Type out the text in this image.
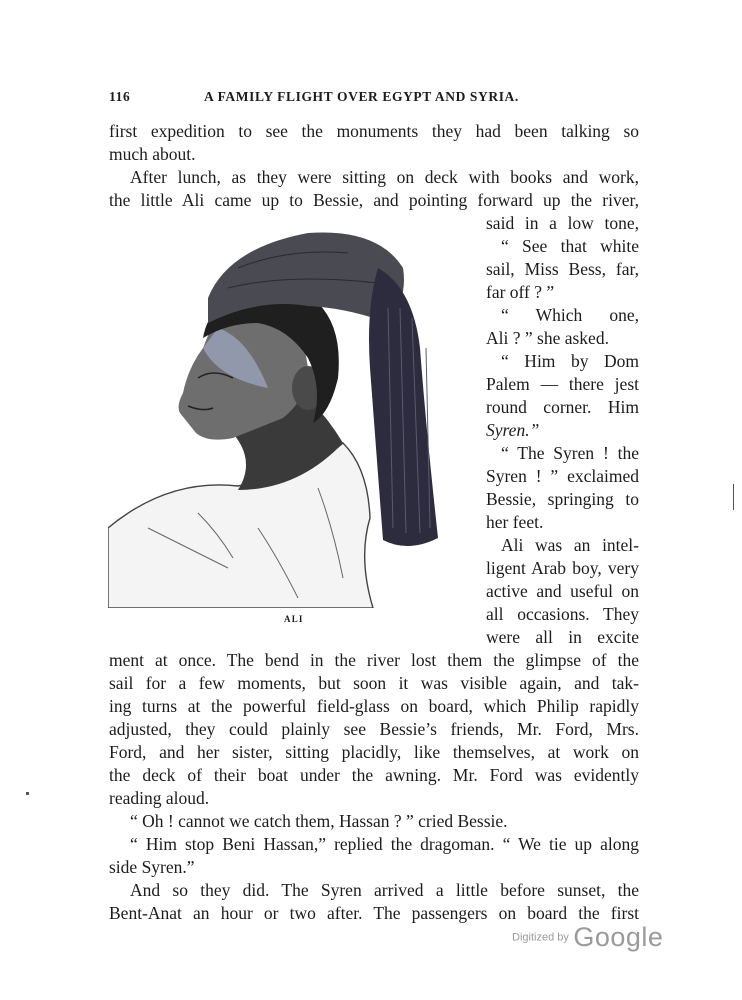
116	A FAMILY FLIGHT OVER EGYPT AND SYRIA.
first expedition to see the monuments they had been talking so
much about.
After lunch, as they were sitting on deck with books and work,
the little Ali came up to Bessie, and pointing forward up the river,
said in a low tone,
“ See that white
sail, Miss Bess, far,
far off ? ”
“ Which one,
Ali ? ” she asked.
“ Him by Dom
Palem — there jest
round corner. Him
Syren.”
“ The Syren ! the
Syren ! ” exclaimed
Bessie, springing to
her feet.
Ali was an intel-
ligent Arab boy, very
active and useful on
all occasions. They
were all in excite
ALI
ment at once. The bend in the river lost them the glimpse of the
sail for a few moments, but soon it was visible again, and tak-
ing turns at the powerful field-glass on board, which Philip rapidly
adjusted, they could plainly see Bessie’s friends, Mr. Ford, Mrs.
Ford, and her sister, sitting placidly, like themselves, at work on
the deck of their boat under the awning. Mr. Ford was evidently
reading aloud.
“ Oh ! cannot we catch them, Hassan ? ” cried Bessie.
“ Him stop Beni Hassan,” replied the dragoman. “ We tie up along
side Syren.”
And so they did. The Syren arrived a little before sunset, the
Bent-Anat an hour or two after. The passengers on board the first
Digitized by Google
